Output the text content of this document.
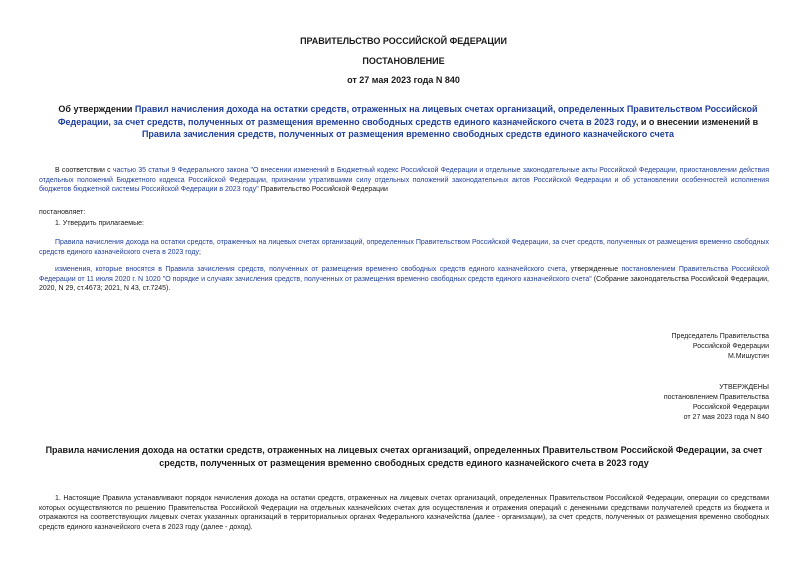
ПРАВИТЕЛЬСТВО РОССИЙСКОЙ ФЕДЕРАЦИИ
ПОСТАНОВЛЕНИЕ
от 27 мая 2023 года N 840
Об утверждении Правил начисления дохода на остатки средств, отраженных на лицевых счетах организаций, определенных Правительством Российской Федерации, за счет средств, полученных от размещения временно свободных средств единого казначейского счета в 2023 году, и о внесении изменений в Правила зачисления средств, полученных от размещения временно свободных средств единого казначейского счета
В соответствии с частью 35 статьи 9 Федерального закона "О внесении изменений в Бюджетный кодекс Российской Федерации и отдельные законодательные акты Российской Федерации, приостановлении действия отдельных положений Бюджетного кодекса Российской Федерации, признании утратившими силу отдельных положений законодательных актов Российской Федерации и об установлении особенностей исполнения бюджетов бюджетной системы Российской Федерации в 2023 году" Правительство Российской Федерации
постановляет:
1. Утвердить прилагаемые:
Правила начисления дохода на остатки средств, отраженных на лицевых счетах организаций, определенных Правительством Российской Федерации, за счет средств, полученных от размещения временно свободных средств единого казначейского счета в 2023 году;
изменения, которые вносятся в Правила зачисления средств, полученных от размещения временно свободных средств единого казначейского счета, утвержденные постановлением Правительства Российской Федерации от 11 июля 2020 г. N 1020 "О порядке и случаях зачисления средств, полученных от размещения временно свободных средств единого казначейского счета" (Собрание законодательства Российской Федерации, 2020, N 29, ст.4673; 2021, N 43, ст.7245).
Председатель Правительства
Российской Федерации
М.Мишустин
УТВЕРЖДЕНЫ
постановлением Правительства
Российской Федерации
от 27 мая 2023 года N 840
Правила начисления дохода на остатки средств, отраженных на лицевых счетах организаций, определенных Правительством Российской Федерации, за счет средств, полученных от размещения временно свободных средств единого казначейского счета в 2023 году
1. Настоящие Правила устанавливают порядок начисления дохода на остатки средств, отраженных на лицевых счетах организаций, определенных Правительством Российской Федерации, операции со средствами которых осуществляются по решению Правительства Российской Федерации на отдельных казначейских счетах для осуществления и отражения операций с денежными средствами получателей средств из бюджета и отражаются на соответствующих лицевых счетах указанных организаций в территориальных органах Федерального казначейства (далее - организации), за счет средств, полученных от размещения временно свободных средств единого казначейского счета в 2023 году (далее - доход).
